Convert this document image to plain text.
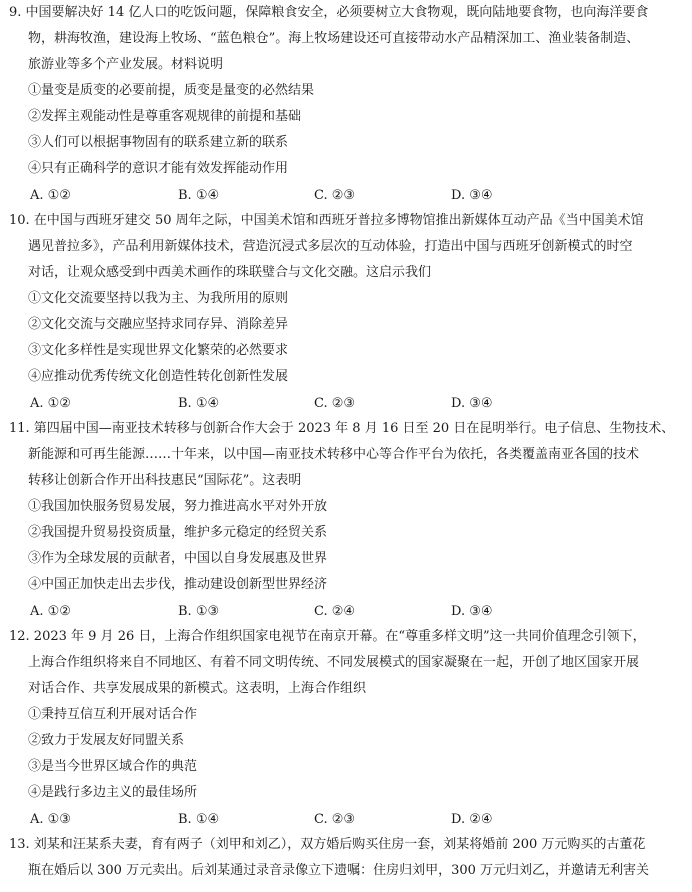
9. 中国要解决好 14 亿人口的吃饭问题，保障粮食安全，必须要树立大食物观，既向陆地要食物，也向海洋要食
物，耕海牧渔，建设海上牧场、“蓝色粮仓”。海上牧场建设还可直接带动水产品精深加工、渔业装备制造、
旅游业等多个产业发展。材料说明
①量变是质变的必要前提，质变是量变的必然结果
②发挥主观能动性是尊重客观规律的前提和基础
③人们可以根据事物固有的联系建立新的联系
④只有正确科学的意识才能有效发挥能动作用
A. ①②	B. ①④	C. ②③	D. ③④
10. 在中国与西班牙建交 50 周年之际，中国美术馆和西班牙普拉多博物馆推出新媒体互动产品《当中国美术馆
遇见普拉多》，产品利用新媒体技术，营造沉浸式多层次的互动体验，打造出中国与西班牙创新模式的时空
对话，让观众感受到中西美术画作的珠联璧合与文化交融。这启示我们
①文化交流要坚持以我为主、为我所用的原则
②文化交流与交融应坚持求同存异、消除差异
③文化多样性是实现世界文化繁荣的必然要求
④应推动优秀传统文化创造性转化创新性发展
A. ①②	B. ①④	C. ②③	D. ③④
11. 第四届中国—南亚技术转移与创新合作大会于 2023 年 8 月 16 日至 20 日在昆明举行。电子信息、生物技术、
新能源和可再生能源……十年来，以中国—南亚技术转移中心等合作平台为依托，各类覆盖南亚各国的技术
转移让创新合作开出科技惠民“国际花”。这表明
①我国加快服务贸易发展，努力推进高水平对外开放
②我国提升贸易投资质量，维护多元稳定的经贸关系
③作为全球发展的贡献者，中国以自身发展惠及世界
④中国正加快走出去步伐，推动建设创新型世界经济
A. ①②	B. ①③	C. ②④	D. ③④
12. 2023 年 9 月 26 日，上海合作组织国家电视节在南京开幕。在“尊重多样文明”这一共同价值理念引领下，
上海合作组织将来自不同地区、有着不同文明传统、不同发展模式的国家凝聚在一起，开创了地区国家开展
对话合作、共享发展成果的新模式。这表明，上海合作组织
①秉持互信互利开展对话合作
②致力于发展友好同盟关系
③是当今世界区域合作的典范
④是践行多边主义的最佳场所
A. ①③	B. ①④	C. ②③	D. ②④
13. 刘某和汪某系夫妻，育有两子（刘甲和刘乙），双方婚后购买住房一套，刘某将婚前 200 万元购买的古董花
瓶在婚后以 300 万元卖出。后刘某通过录音录像立下遗嘱：住房归刘甲，300 万元归刘乙，并邀请无利害关
